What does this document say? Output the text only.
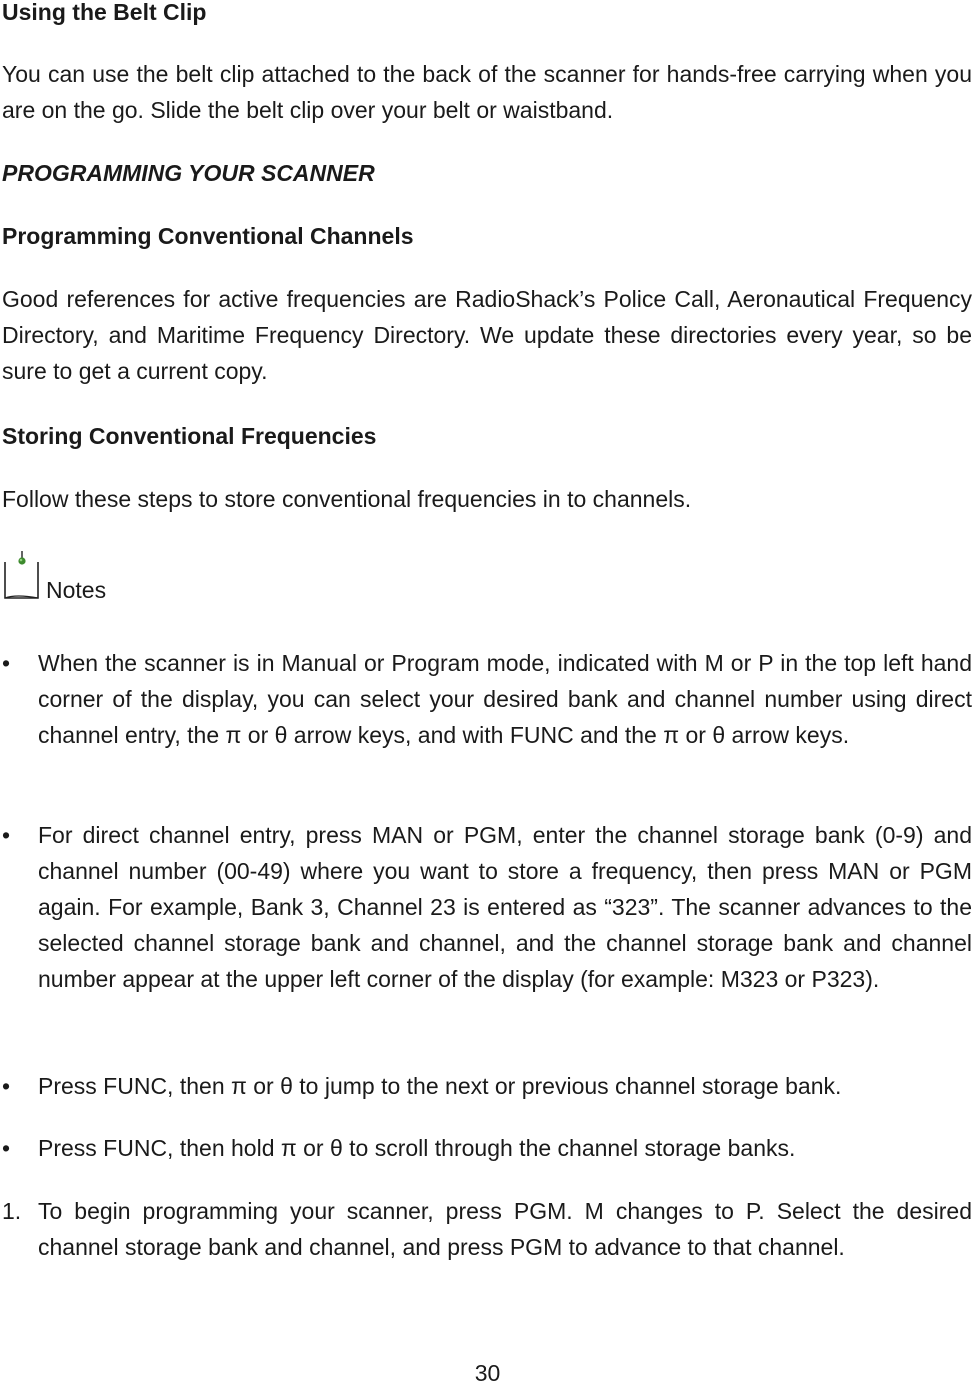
Using the Belt Clip

You can use the belt clip attached to the back of the scanner for hands-free carrying when you are on the go. Slide the belt clip over your belt or waistband.

PROGRAMMING YOUR SCANNER
Programming Conventional Channels

Good references for active frequencies are RadioShack’s Police Call, Aeronautical Frequency Directory, and Maritime Frequency Directory. We update these directories every year, so be sure to get a current copy.

Storing Conventional Frequencies

Follow these steps to store conventional frequencies in to channels.

Notes
•	When the scanner is in Manual or Program mode, indicated with M or P in the top left hand corner of the display, you can select your desired bank and channel number using direct channel entry, the π or θ arrow keys, and with FUNC and the π or θ arrow keys.
•	For direct channel entry, press MAN or PGM, enter the channel storage bank (0-9) and channel number (00-49) where you want to store a frequency, then press MAN or PGM again. For example, Bank 3, Channel 23 is entered as “323”. The scanner advances to the selected channel storage bank and channel, and the channel storage bank and channel number appear at the upper left corner of the display (for example: M323 or P323).
•	Press FUNC, then π or θ to jump to the next or previous channel storage bank.
•	Press FUNC, then hold π or θ to scroll through the channel storage banks.
1. To begin programming your scanner, press PGM. M changes to P. Select the desired channel storage bank and channel, and press PGM to advance to that channel.
30
